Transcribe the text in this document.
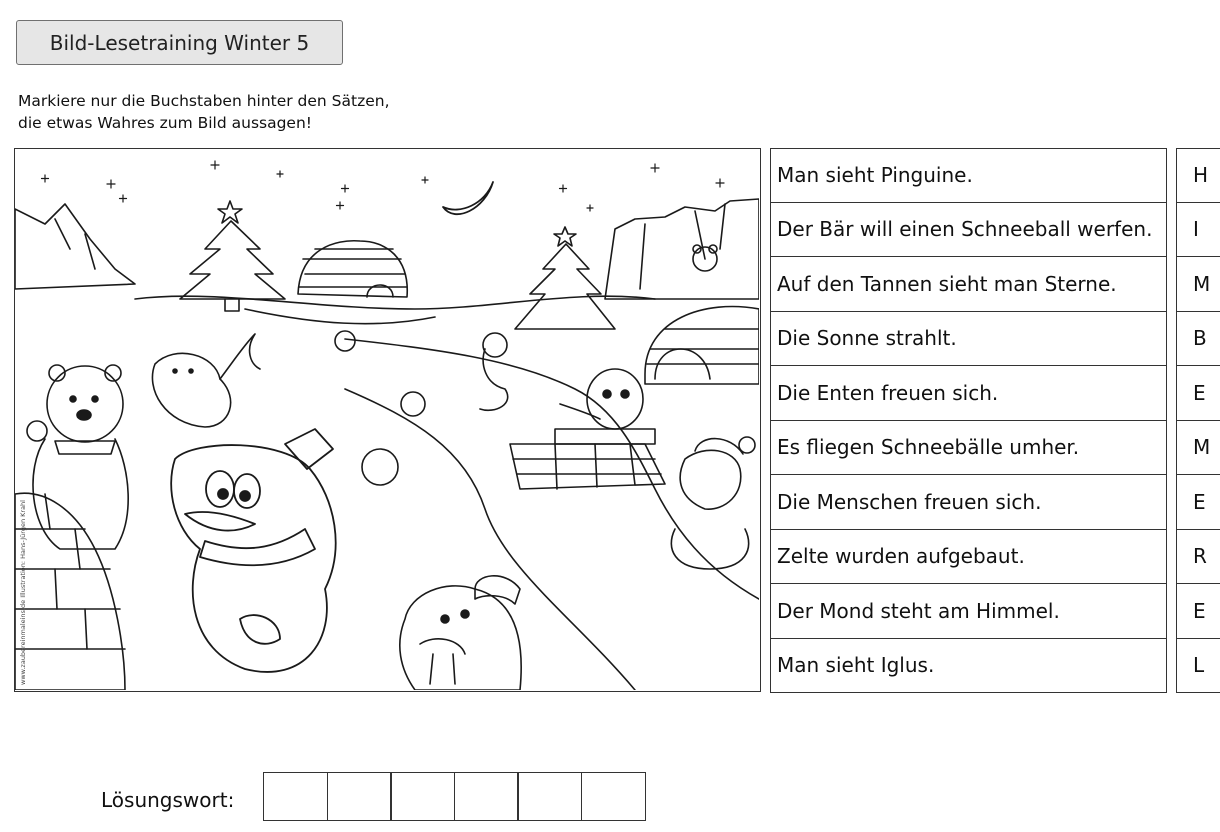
Bild-Lesetraining Winter 5
Markiere nur die Buchstaben hinter den Sätzen,
die etwas Wahres zum Bild aussagen!
www.zaubereinmaleins.de Illustration: Hans-Jürgen Krahl
Man sieht Pinguine.
Der Bär will einen Schneeball werfen.
Auf den Tannen sieht man Sterne.
Die Sonne strahlt.
Die Enten freuen sich.
Es fliegen Schneebälle umher.
Die Menschen freuen sich.
Zelte wurden aufgebaut.
Der Mond steht am Himmel.
Man sieht Iglus.
H
I
M
B
E
M
E
R
E
L
Lösungswort:
